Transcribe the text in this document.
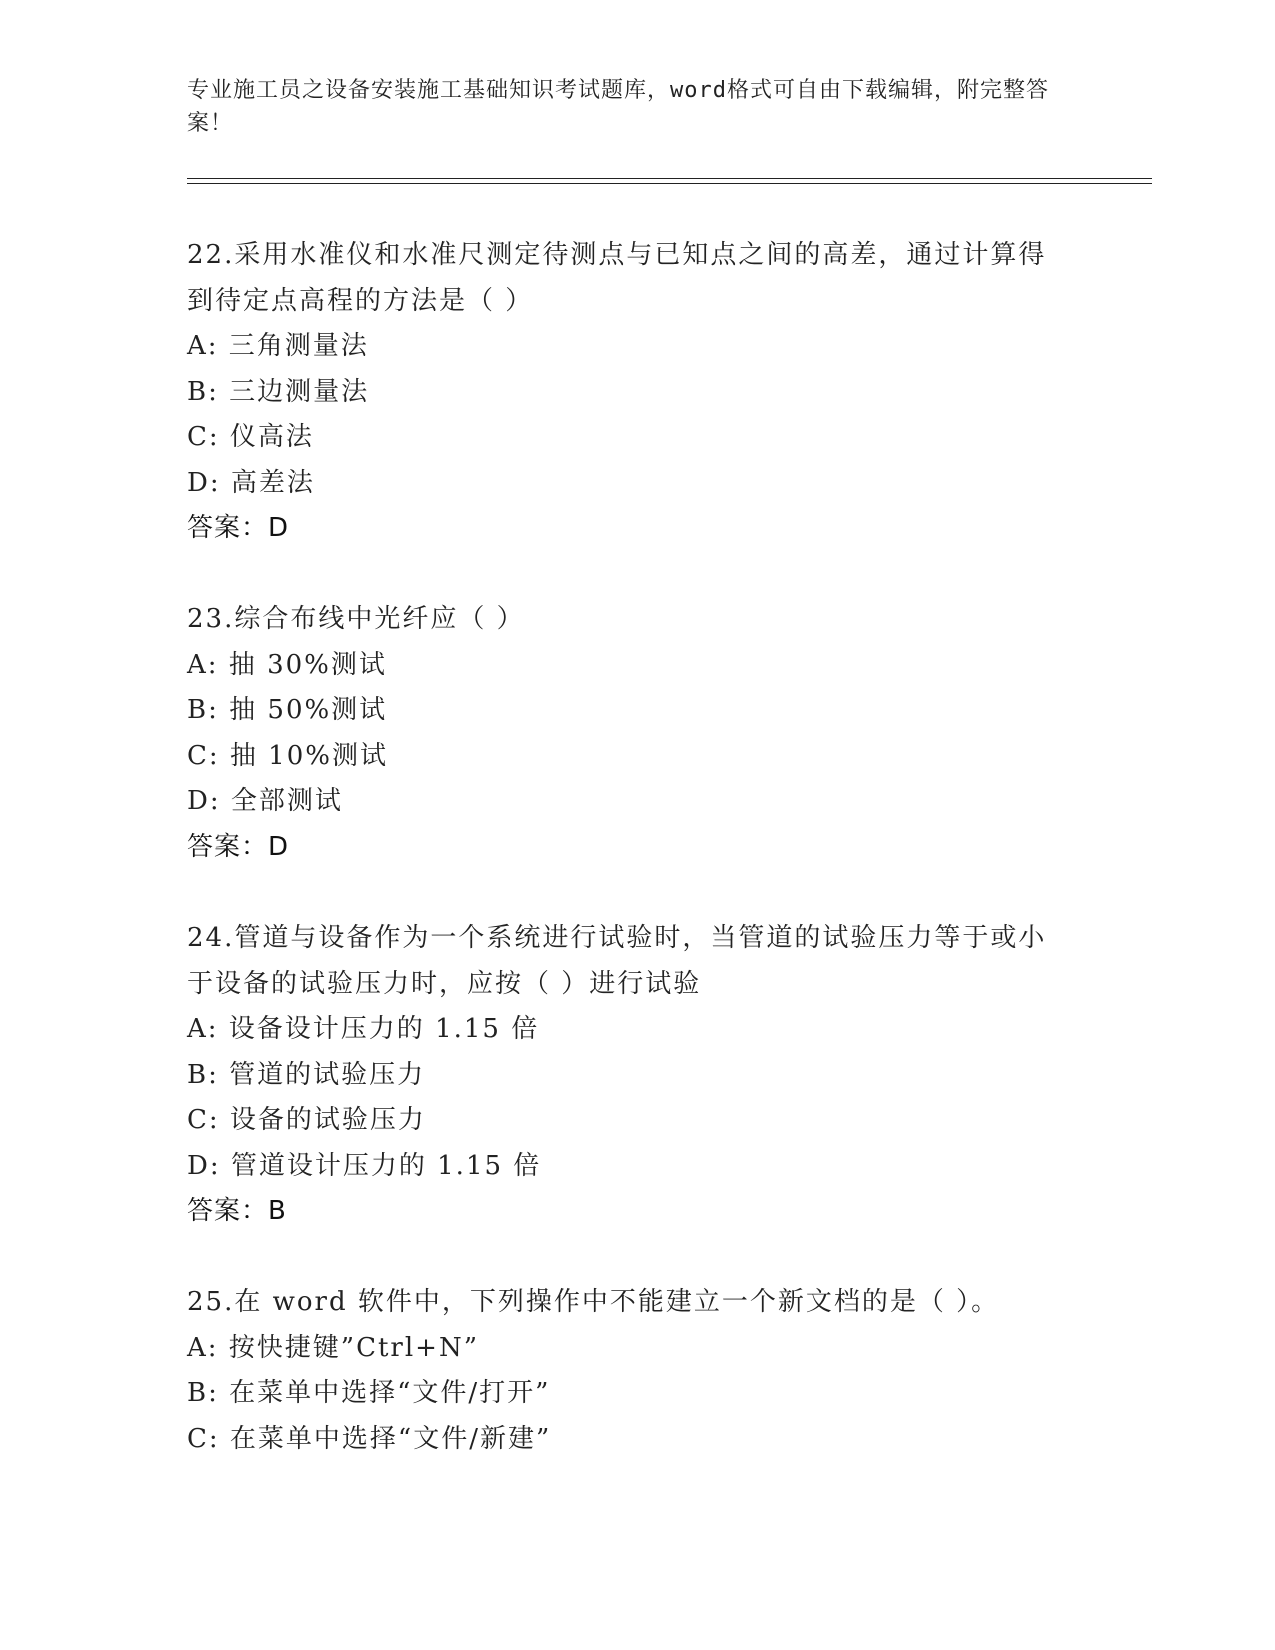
专业施工员之设备安装施工基础知识考试题库，word格式可自由下载编辑，附完整答案！
22.采用水准仪和水准尺测定待测点与已知点之间的高差，通过计算得
到待定点高程的方法是（ ）
A: 三角测量法
B: 三边测量法
C: 仪高法
D: 高差法
答案：D
23.综合布线中光纤应（ ）
A: 抽 30%测试
B: 抽 50%测试
C: 抽 10%测试
D: 全部测试
答案：D
24.管道与设备作为一个系统进行试验时，当管道的试验压力等于或小
于设备的试验压力时，应按（ ）进行试验
A: 设备设计压力的 1.15 倍
B: 管道的试验压力
C: 设备的试验压力
D: 管道设计压力的 1.15 倍
答案：B
25.在 word 软件中，下列操作中不能建立一个新文档的是（ ）。
A: 按快捷键”Ctrl+N”
B: 在菜单中选择“文件/打开”
C: 在菜单中选择“文件/新建”
